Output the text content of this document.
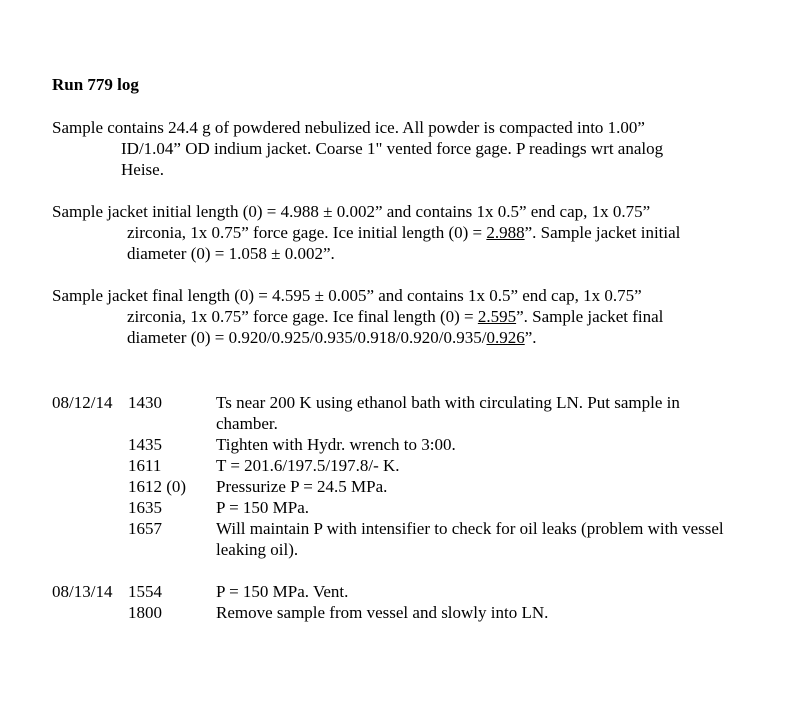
Run 779 log
Sample contains 24.4 g of powdered nebulized ice. All powder is compacted into 1.00”
ID/1.04” OD indium jacket. Coarse 1" vented force gage. P readings wrt analog
Heise.
Sample jacket initial length (0) = 4.988 ± 0.002” and contains 1x 0.5” end cap, 1x 0.75”
zirconia, 1x 0.75” force gage. Ice initial length (0) = 2.988”. Sample jacket initial
diameter (0) = 1.058 ± 0.002”.
Sample jacket final length (0) = 4.595 ± 0.005” and contains 1x 0.5” end cap, 1x 0.75”
zirconia, 1x 0.75” force gage. Ice final length (0) = 2.595”. Sample jacket final
diameter (0) = 0.920/0.925/0.935/0.918/0.920/0.935/0.926”.
08/12/14 1430	Ts near 200 K using ethanol bath with circulating LN. Put sample in chamber.
1435	Tighten with Hydr. wrench to 3:00.
1611	T = 201.6/197.5/197.8/- K.
1612 (0) Pressurize P = 24.5 MPa.
1635	P = 150 MPa.
1657	Will maintain P with intensifier to check for oil leaks (problem with vessel leaking oil).
08/13/14 1554	P = 150 MPa. Vent.
1800	Remove sample from vessel and slowly into LN.
